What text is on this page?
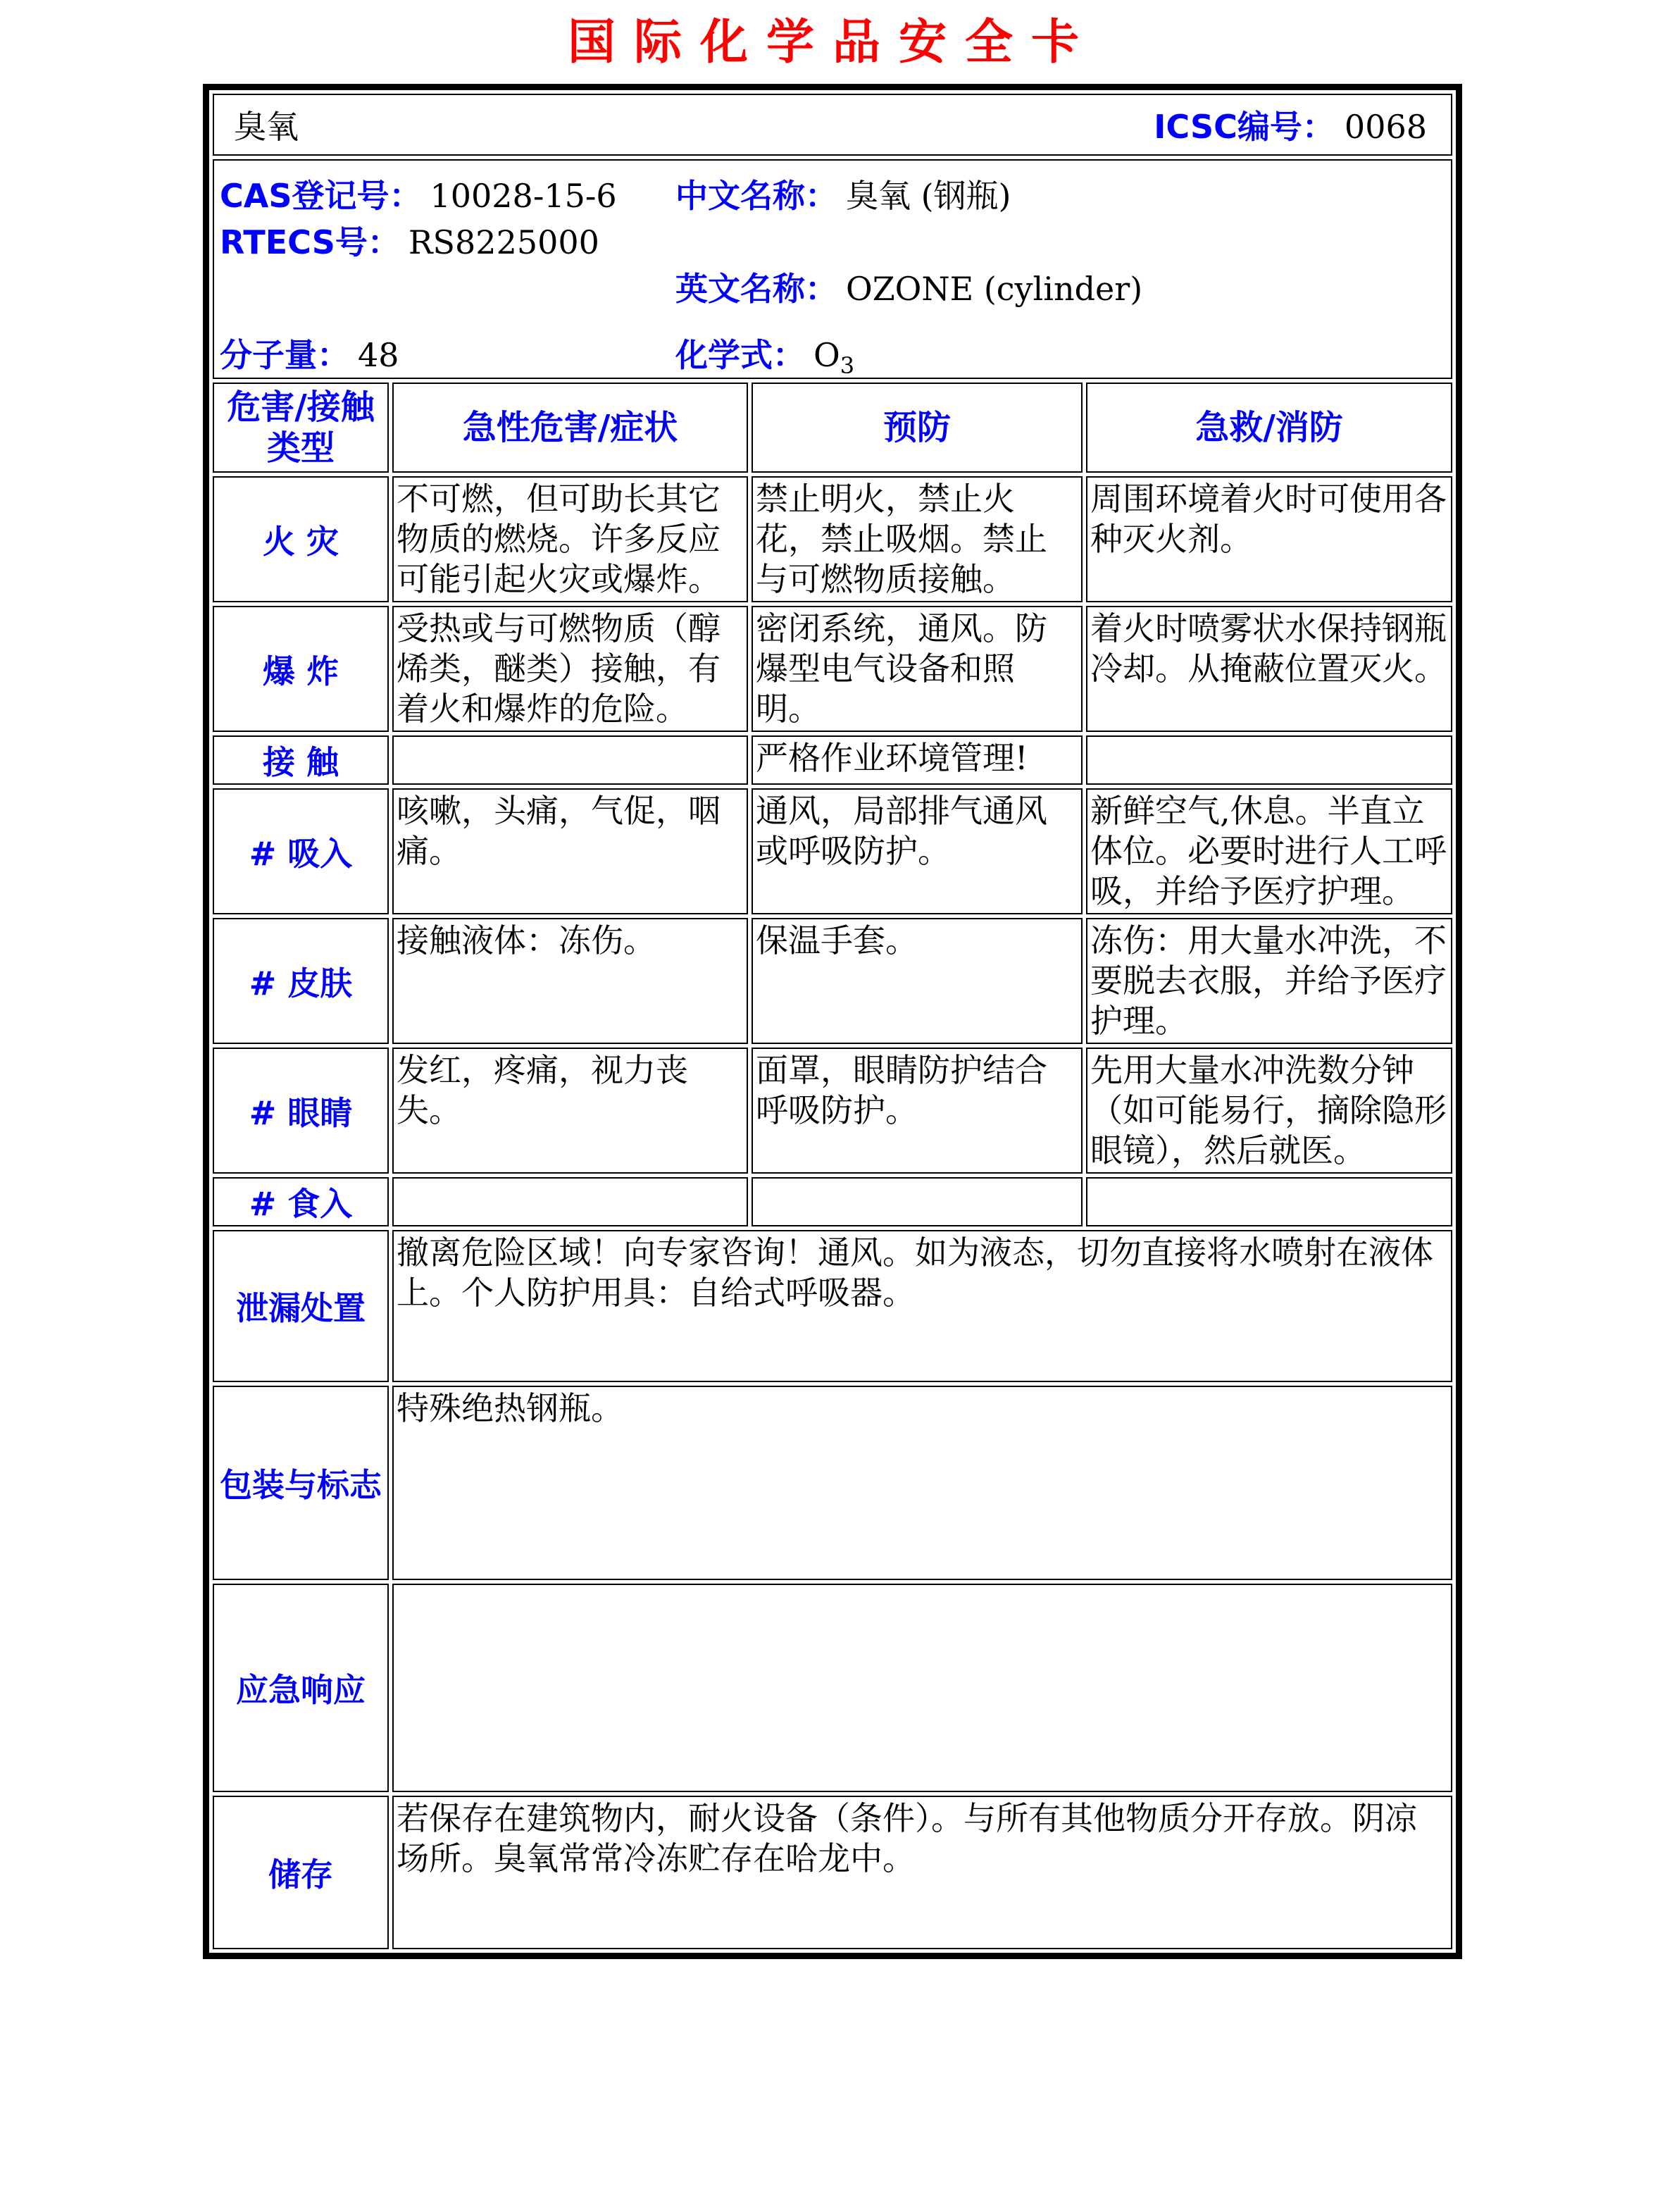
国际化学品安全卡
臭氧 ICSC编号： 0068			

CAS登记号： 10028-15-6
RTECS号： RS8225000
分子量： 48
中文名称： 臭氧 (钢瓶)
英文名称： OZONE (cylinder)
化学式： $O_3$

危害/接触类型	急性危害/症状	预防	急救/消防
火 灾	不可燃，但可助长其它物质的燃烧。许多反应可能引起火灾或爆炸。	禁止明火，禁止火花，禁止吸烟。禁止与可燃物质接触。	周围环境着火时可使用各种灭火剂。
爆 炸	受热或与可燃物质（醇烯类，醚类）接触，有着火和爆炸的危险。	密闭系统，通风。防爆型电气设备和照明。	着火时喷雾状水保持钢瓶冷却。从掩蔽位置灭火。
接 触		严格作业环境管理!	
# 吸入	咳嗽，头痛，气促，咽痛。	通风，局部排气通风或呼吸防护。	新鲜空气,休息。半直立体位。必要时进行人工呼吸，并给予医疗护理。
# 皮肤	接触液体：冻伤。	保温手套。	冻伤：用大量水冲洗，不要脱去衣服，并给予医疗护理。
# 眼睛	发红，疼痛，视力丧失。	面罩，眼睛防护结合呼吸防护。	先用大量水冲洗数分钟（如可能易行，摘除隐形眼镜），然后就医。
# 食入			
泄漏处置	撤离危险区域！向专家咨询！通风。如为液态，切勿直接将水喷射在液体上。个人防护用具：自给式呼吸器。		
包装与标志	特殊绝热钢瓶。		
应急响应			
储存	若保存在建筑物内，耐火设备（条件）。与所有其他物质分开存放。阴凉场所。臭氧常常冷冻贮存在哈龙中。		
